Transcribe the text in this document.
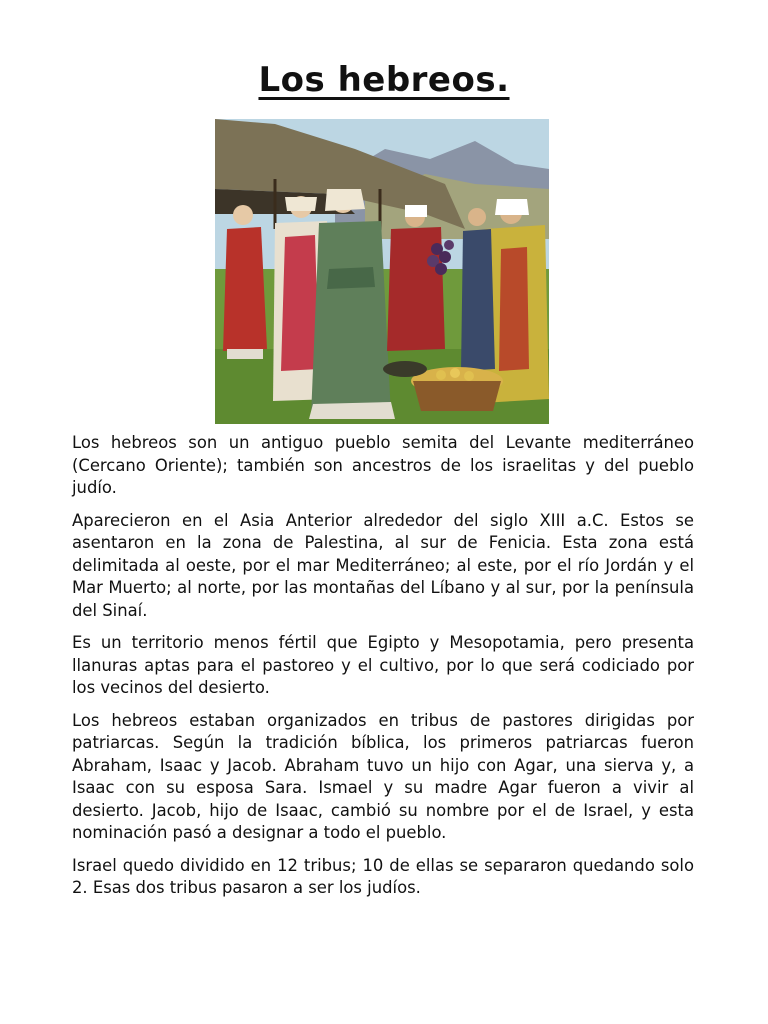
Los hebreos.

Los hebreos son un antiguo pueblo semita del Levante mediterráneo (Cercano Oriente); también son ancestros de los israelitas y del pueblo judío.

Aparecieron en el Asia Anterior alrededor del siglo XIII a.C. Estos se asentaron en la zona de Palestina, al sur de Fenicia. Esta zona está delimitada al oeste, por el mar Mediterráneo; al este, por el río Jordán y el Mar Muerto; al norte, por las montañas del Líbano y al sur, por la península del Sinaí.

Es un territorio menos fértil que Egipto y Mesopotamia, pero presenta llanuras aptas para el pastoreo y el cultivo, por lo que será codiciado por los vecinos del desierto.

Los hebreos estaban organizados en tribus de pastores dirigidas por patriarcas. Según la tradición bíblica, los primeros patriarcas fueron Abraham, Isaac y Jacob. Abraham tuvo un hijo con Agar, una sierva y, a Isaac con su esposa Sara. Ismael y su madre Agar fueron a vivir al desierto. Jacob, hijo de Isaac, cambió su nombre por el de Israel, y esta nominación pasó a designar a todo el pueblo.

Israel quedo dividido en 12 tribus; 10 de ellas se separaron quedando solo 2. Esas dos tribus pasaron a ser los judíos.
